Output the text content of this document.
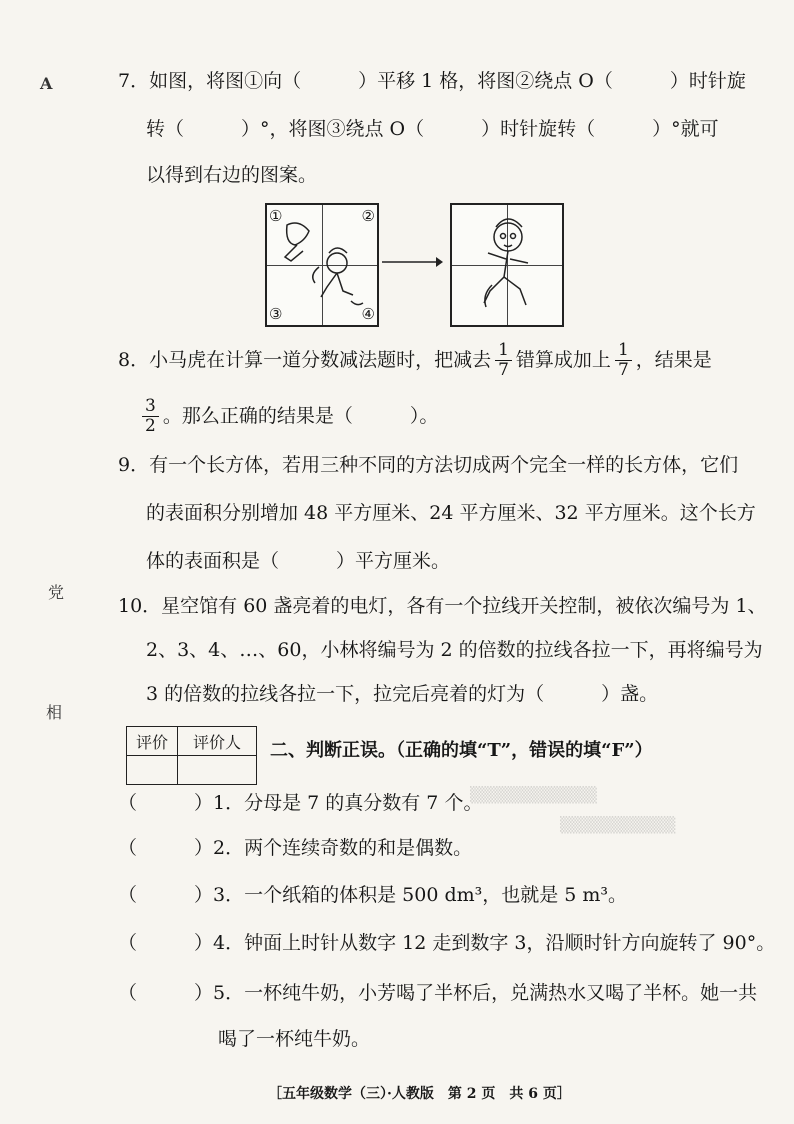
A
党
相
7．如图，将图①向（　　　）平移 1 格，将图②绕点 O（　　　）时针旋
转（　　　）°，将图③绕点 O（　　　）时针旋转（　　　）°就可
以得到右边的图案。
①	②
③	④
8．小马虎在计算一道分数减法题时，把减去 $\frac{1}{7}$ 错算成加上 $\frac{1}{7}$ ，结果是
$\frac{3}{2}$ 。那么正确的结果是（　　　）。
9．有一个长方体，若用三种不同的方法切成两个完全一样的长方体，它们
的表面积分别增加 48 平方厘米、24 平方厘米、32 平方厘米。这个长方
体的表面积是（　　　）平方厘米。
10．星空馆有 60 盏亮着的电灯，各有一个拉线开关控制，被依次编号为 1、
2、3、4、…、60，小林将编号为 2 的倍数的拉线各拉一下，再将编号为
3 的倍数的拉线各拉一下，拉完后亮着的灯为（　　　）盏。
评价	评价人
	二、判断正误。（正确的填“T”，错误的填“F”）
▒▒▒▒▒▒▒▒▒▒▒
▒▒▒▒▒▒▒▒▒▒
（　　　）1．分母是 7 的真分数有 7 个。
（　　　）2．两个连续奇数的和是偶数。
（　　　）3．一个纸箱的体积是 500 dm³，也就是 5 m³。
（　　　）4．钟面上时针从数字 12 走到数字 3，沿顺时针方向旋转了 90°。
（　　　）5．一杯纯牛奶，小芳喝了半杯后，兑满热水又喝了半杯。她一共
喝了一杯纯牛奶。
［五年级数学（三）·人教版　第 2 页　共 6 页］
